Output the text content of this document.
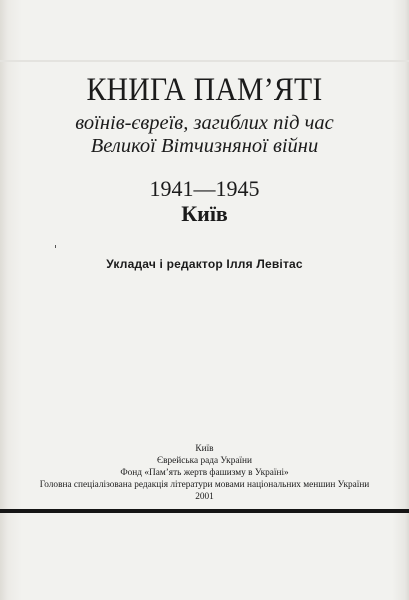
КНИГА ПАМ’ЯТІ
воїнів-євреїв, загиблих під час
Великої Вітчизняної війни
1941—1945
Київ
Укладач і редактор Ілля Левітас
Київ
Єврейська рада України
Фонд «Пам’ять жертв фашизму в Україні»
Головна спеціалізована редакція літератури мовами національних меншин України
2001
